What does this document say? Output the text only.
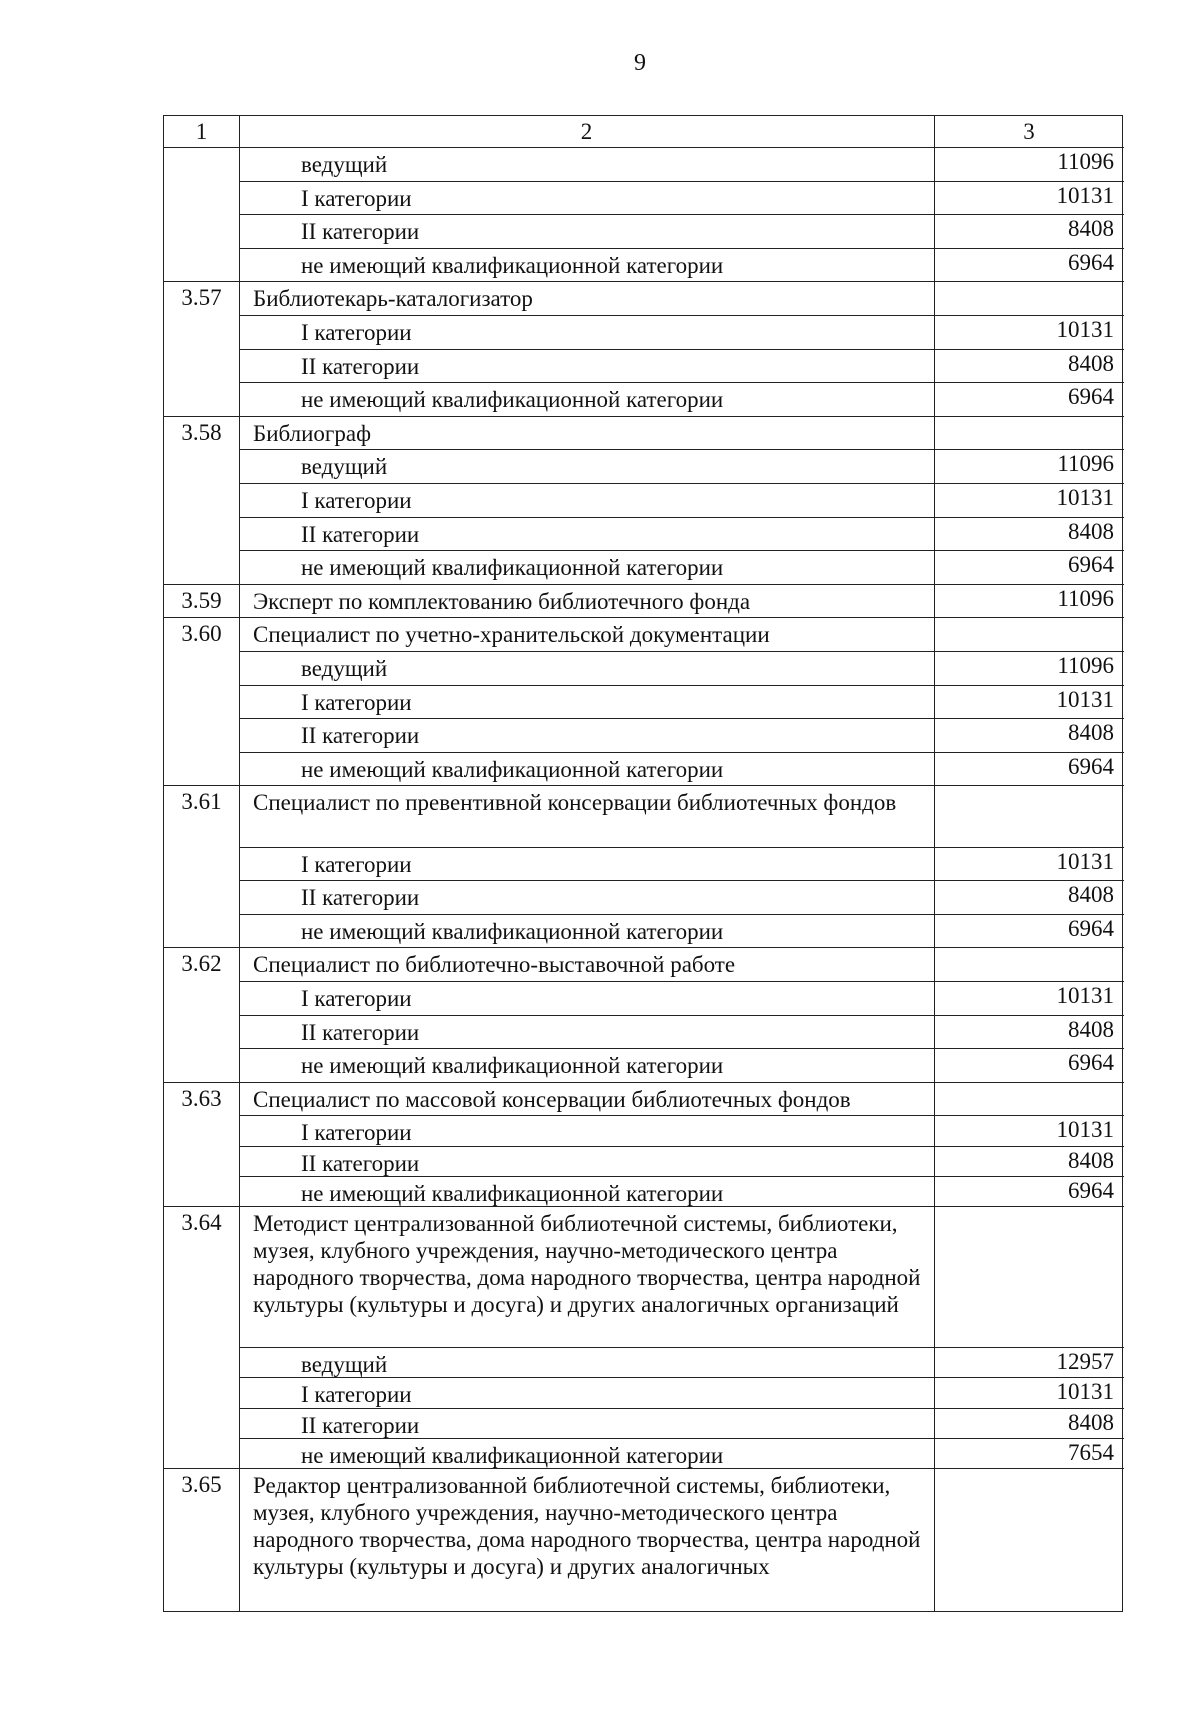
9
1	2	3
ведущий	11096
I категории	10131
II категории	8408
не имеющий квалификационной категории	6964
3.57	Библиотекарь-каталогизатор
I категории	10131
II категории	8408
не имеющий квалификационной категории	6964
3.58	Библиограф
ведущий	11096
I категории	10131
II категории	8408
не имеющий квалификационной категории	6964
3.59	Эксперт по комплектованию библиотечного фонда	11096
3.60	Специалист по учетно-хранительской документации
ведущий	11096
I категории	10131
II категории	8408
не имеющий квалификационной категории	6964
3.61	Специалист по превентивной консервации библиотечных фондов
I категории	10131
II категории	8408
не имеющий квалификационной категории	6964
3.62	Специалист по библиотечно-выставочной работе
I категории	10131
II категории	8408
не имеющий квалификационной категории	6964
3.63	Специалист по массовой консервации библиотечных фондов
I категории	10131
II категории	8408
не имеющий квалификационной категории	6964
3.64	Методист централизованной библиотечной системы, библиотеки, музея, клубного учреждения, научно-методического центра народного творчества, дома народного творчества, центра народной культуры (культуры и досуга) и других аналогичных организаций
ведущий	12957
I категории	10131
II категории	8408
не имеющий квалификационной категории	7654
3.65	Редактор централизованной библиотечной системы, библиотеки, музея, клубного учреждения, научно-методического центра народного творчества, дома народного творчества, центра народной культуры (культуры и досуга) и других аналогичных
